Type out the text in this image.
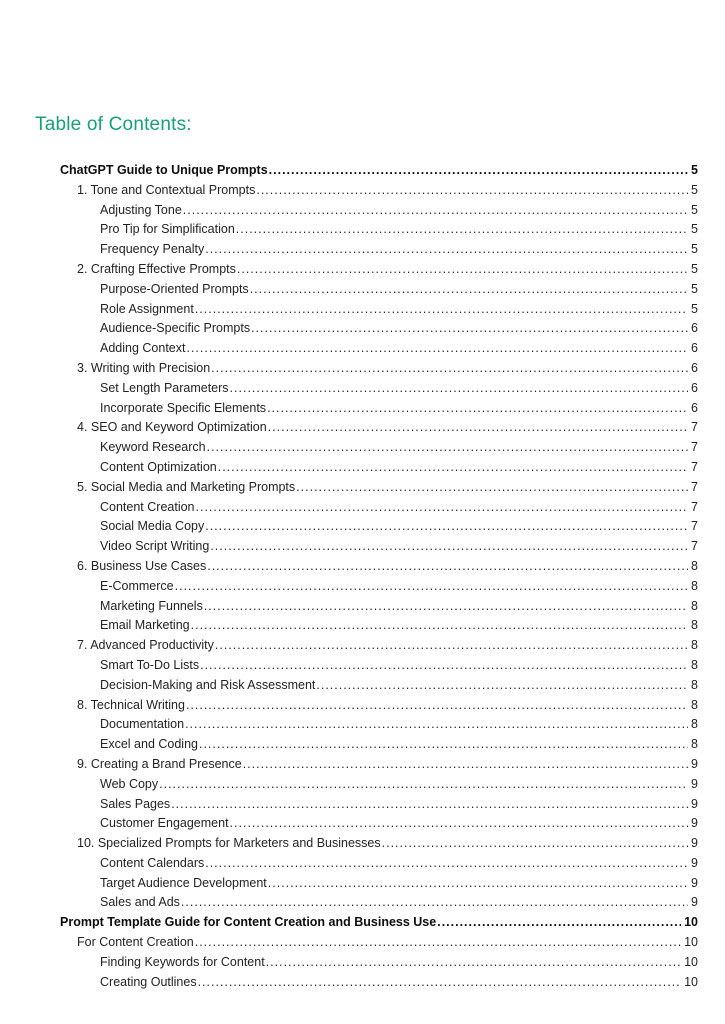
Table of Contents:
ChatGPT Guide to Unique Prompts .....	5
1. Tone and Contextual Prompts .....	5
Adjusting Tone .....	5
Pro Tip for Simplification .....	5
Frequency Penalty .....	5
2. Crafting Effective Prompts .....	5
Purpose-Oriented Prompts .....	5
Role Assignment .....	5
Audience-Specific Prompts .....	6
Adding Context .....	6
3. Writing with Precision .....	6
Set Length Parameters .....	6
Incorporate Specific Elements .....	6
4. SEO and Keyword Optimization .....	7
Keyword Research .....	7
Content Optimization .....	7
5. Social Media and Marketing Prompts .....	7
Content Creation .....	7
Social Media Copy .....	7
Video Script Writing .....	7
6. Business Use Cases .....	8
E-Commerce .....	8
Marketing Funnels .....	8
Email Marketing .....	8
7. Advanced Productivity .....	8
Smart To-Do Lists .....	8
Decision-Making and Risk Assessment .....	8
8. Technical Writing .....	8
Documentation .....	8
Excel and Coding .....	8
9. Creating a Brand Presence .....	9
Web Copy .....	9
Sales Pages .....	9
Customer Engagement .....	9
10. Specialized Prompts for Marketers and Businesses .....	9
Content Calendars .....	9
Target Audience Development .....	9
Sales and Ads .....	9
Prompt Template Guide for Content Creation and Business Use .....	10
For Content Creation .....	10
Finding Keywords for Content .....	10
Creating Outlines .....	10
